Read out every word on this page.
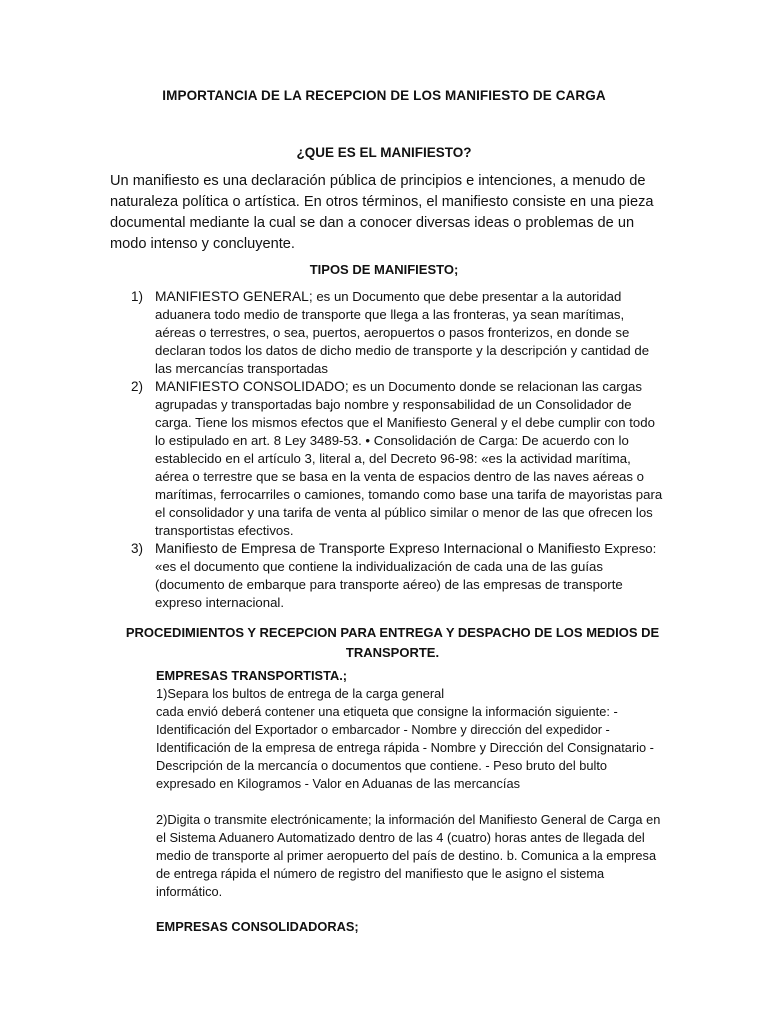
IMPORTANCIA DE LA RECEPCION DE LOS MANIFIESTO DE CARGA
¿QUE ES EL MANIFIESTO?

Un manifiesto es una declaración pública de principios e intenciones, a menudo de naturaleza política o artística. En otros términos, el manifiesto consiste en una pieza documental mediante la cual se dan a conocer diversas ideas o problemas de un modo intenso y concluyente.

TIPOS DE MANIFIESTO;
1) MANIFIESTO GENERAL; es un Documento que debe presentar a la autoridad aduanera todo medio de transporte que llega a las fronteras, ya sean marítimas, aéreas o terrestres, o sea, puertos, aeropuertos o pasos fronterizos, en donde se declaran todos los datos de dicho medio de transporte y la descripción y cantidad de las mercancías transportadas
2) MANIFIESTO CONSOLIDADO; es un Documento donde se relacionan las cargas agrupadas y transportadas bajo nombre y responsabilidad de un Consolidador de carga. Tiene los mismos efectos que el Manifiesto General y el debe cumplir con todo lo estipulado en art. 8 Ley 3489-53. • Consolidación de Carga: De acuerdo con lo establecido en el artículo 3, literal a, del Decreto 96-98: «es la actividad marítima, aérea o terrestre que se basa en la venta de espacios dentro de las naves aéreas o marítimas, ferrocarriles o camiones, tomando como base una tarifa de mayoristas para el consolidador y una tarifa de venta al público similar o menor de las que ofrecen los transportistas efectivos.
3) Manifiesto de Empresa de Transporte Expreso Internacional o Manifiesto Expreso: «es el documento que contiene la individualización de cada una de las guías (documento de embarque para transporte aéreo) de las empresas de transporte expreso internacional.
PROCEDIMIENTOS Y RECEPCION PARA ENTREGA Y DESPACHO DE LOS MEDIOS DE TRANSPORTE.
EMPRESAS TRANSPORTISTA.;
1)Separa los bultos de entrega de la carga general
cada envió deberá contener una etiqueta que consigne la información siguiente: - Identificación del Exportador o embarcador - Nombre y dirección del expedidor - Identificación de la empresa de entrega rápida - Nombre y Dirección del Consignatario - Descripción de la mercancía o documentos que contiene. - Peso bruto del bulto expresado en Kilogramos - Valor en Aduanas de las mercancías
2)Digita o transmite electrónicamente; la información del Manifiesto General de Carga en el Sistema Aduanero Automatizado dentro de las 4 (cuatro) horas antes de llegada del medio de transporte al primer aeropuerto del país de destino. b. Comunica a la empresa de entrega rápida el número de registro del manifiesto que le asigno el sistema informático.
EMPRESAS CONSOLIDADORAS;
